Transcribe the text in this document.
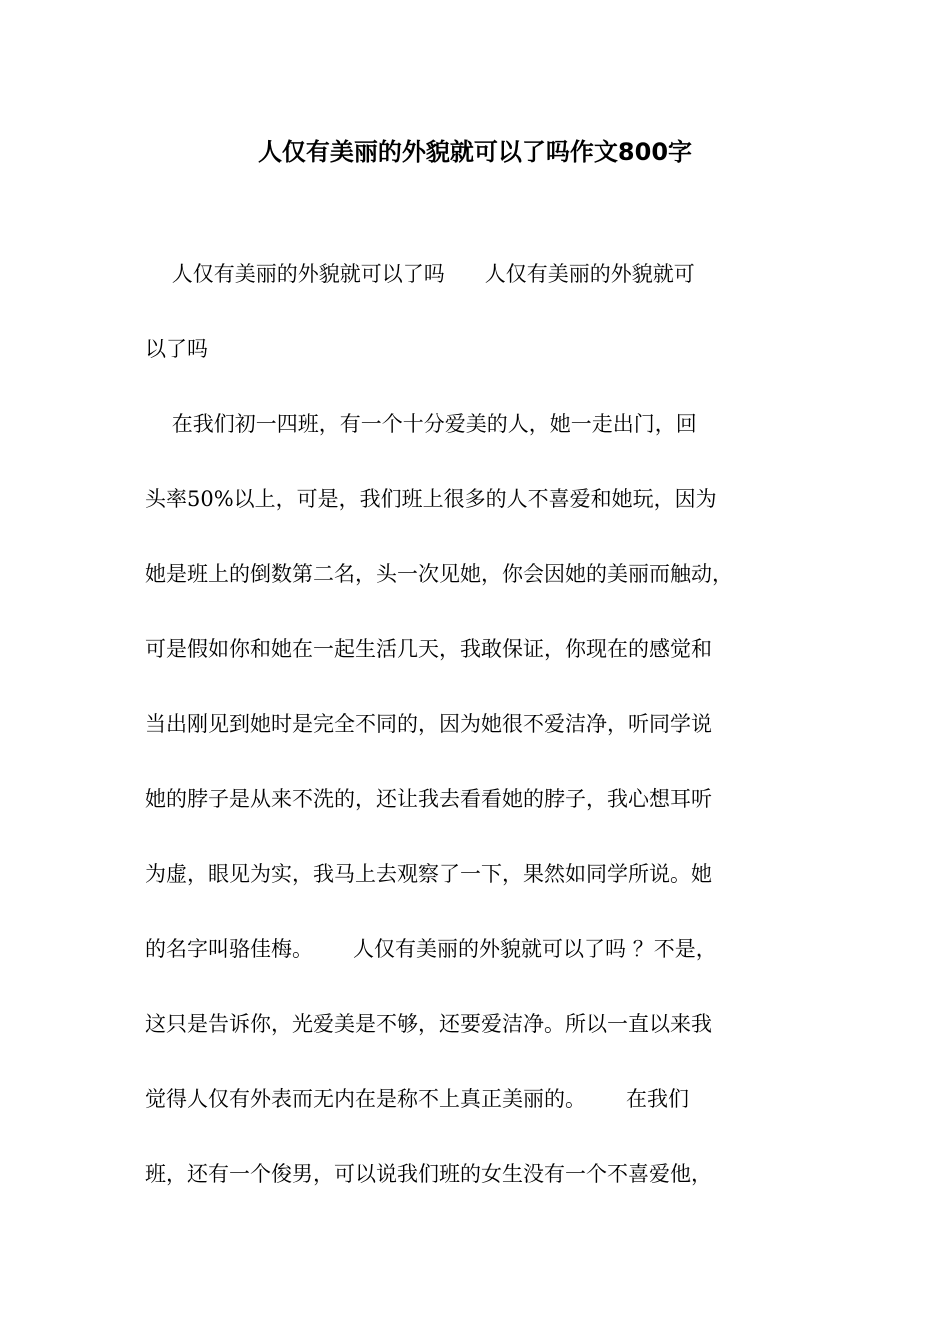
人仅有美丽的外貌就可以了吗作文800字

人仅有美丽的外貌就可以了吗      人仅有美丽的外貌就可

以了吗

在我们初一四班，有一个十分爱美的人，她一走出门，回

头率50%以上，可是，我们班上很多的人不喜爱和她玩，因为

她是班上的倒数第二名，头一次见她，你会因她的美丽而触动，

可是假如你和她在一起生活几天，我敢保证，你现在的感觉和

当出刚见到她时是完全不同的，因为她很不爱洁净，听同学说

她的脖子是从来不洗的，还让我去看看她的脖子，我心想耳听

为虚，眼见为实，我马上去观察了一下，果然如同学所说。她

的名字叫骆佳梅。      人仅有美丽的外貌就可以了吗 ？不是，

这只是告诉你，光爱美是不够，还要爱洁净。所以一直以来我

觉得人仅有外表而无内在是称不上真正美丽的。      在我们

班，还有一个俊男，可以说我们班的女生没有一个不喜爱他，
